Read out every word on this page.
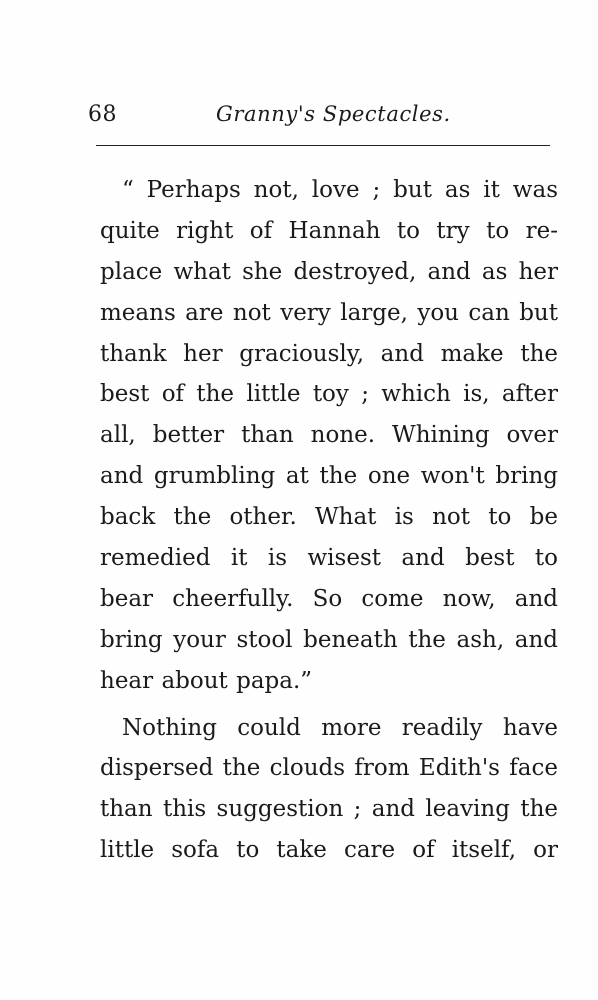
68	Granny's Spectacles.
“ Perhaps not, love ; but as it was
quite right of Hannah to try to re-
place what she destroyed, and as her
means are not very large, you can but
thank her graciously, and make the
best of the little toy ; which is, after
all, better than none. Whining over
and grumbling at the one won't bring
back the other. What is not to be
remedied it is wisest and best to
bear cheerfully. So come now, and
bring your stool beneath the ash, and
hear about papa.”
Nothing could more readily have
dispersed the clouds from Edith's face
than this suggestion ; and leaving the
little sofa to take care of itself, or
